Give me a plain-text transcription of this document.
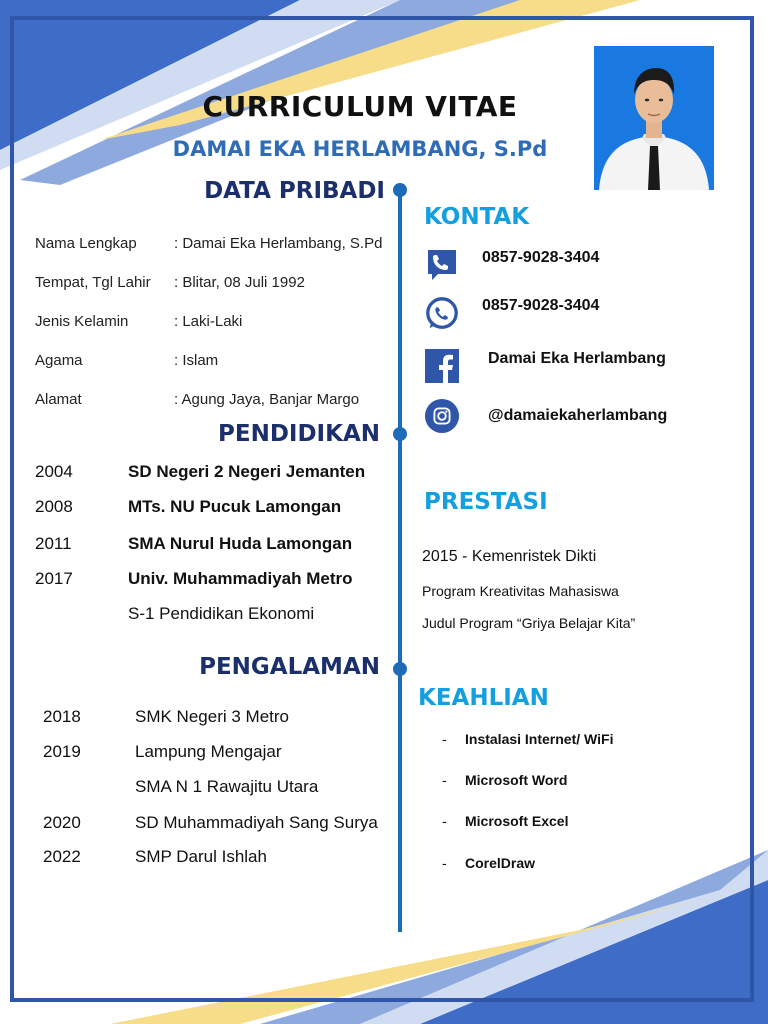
CURRICULUM VITAE
DAMAI EKA HERLAMBANG, S.Pd
DATA PRIBADI
PENDIDIKAN
PENGALAMAN
Nama Lengkap : Damai Eka Herlambang, S.Pd
Tempat, Tgl Lahir : Blitar, 08 Juli 1992
Jenis Kelamin	: Laki-Laki
Agama	: Islam
Alamat	: Agung Jaya, Banjar Margo
2004	SD Negeri 2 Negeri Jemanten
2008	MTs. NU Pucuk Lamongan
2011	SMA Nurul Huda Lamongan
2017	Univ. Muhammadiyah Metro
S-1 Pendidikan Ekonomi
2018	SMK Negeri 3 Metro
2019	Lampung Mengajar
SMA N 1 Rawajitu Utara
2020	SD Muhammadiyah Sang Surya
2022	SMP Darul Ishlah
KONTAK
0857-9028-3404
0857-9028-3404
Damai Eka Herlambang
@damaiekaherlambang
PRESTASI
2015 - Kemenristek Dikti
Program Kreativitas Mahasiswa
Judul Program “Griya Belajar Kita”
KEAHLIAN
- Instalasi Internet/ WiFi
- Microsoft Word
- Microsoft Excel
- CorelDraw
